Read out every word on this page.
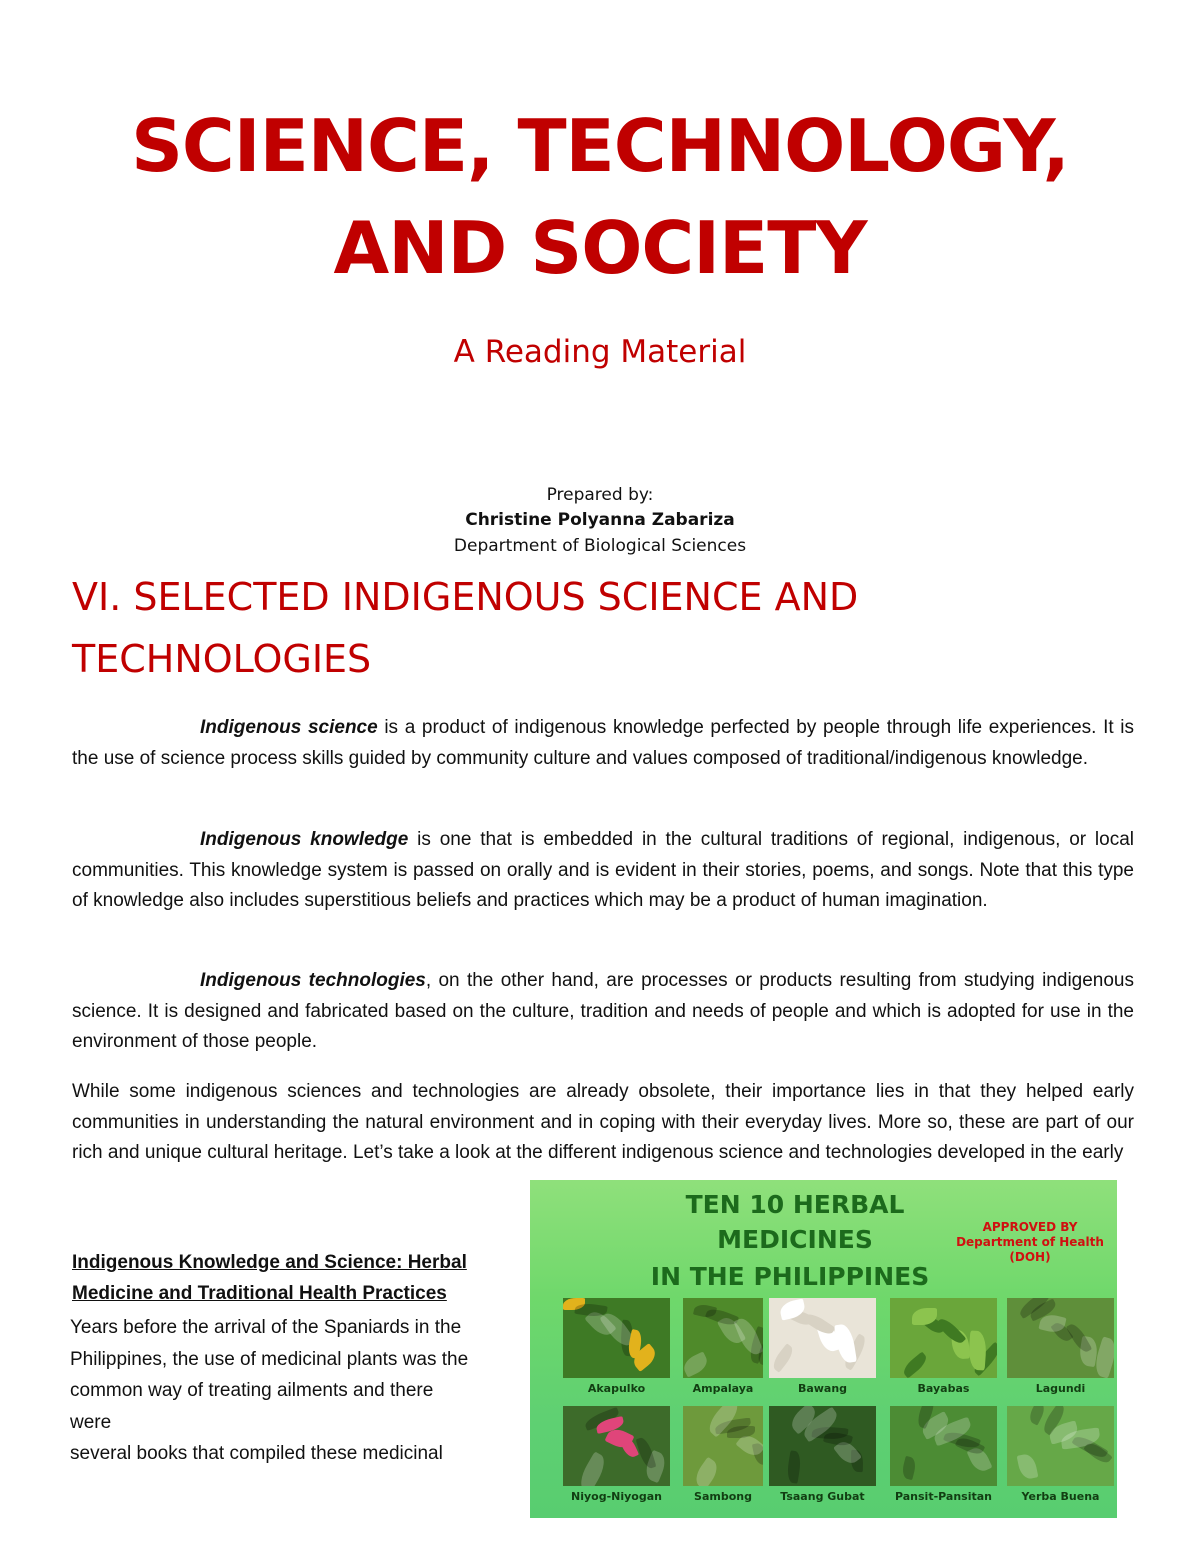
SCIENCE, TECHNOLOGY,
AND SOCIETY
A Reading Material
Prepared by:
Christine Polyanna Zabariza
Department of Biological Sciences
VI. SELECTED INDIGENOUS SCIENCE AND
TECHNOLOGIES
Indigenous science is a product of indigenous knowledge perfected by people through life experiences. It is the use of science process skills guided by community culture and values composed of traditional/indigenous knowledge.
Indigenous knowledge is one that is embedded in the cultural traditions of regional, indigenous, or local communities. This knowledge system is passed on orally and is evident in their stories, poems, and songs. Note that this type of knowledge also includes superstitious beliefs and practices which may be a product of human imagination.
Indigenous technologies, on the other hand, are processes or products resulting from studying indigenous science. It is designed and fabricated based on the culture, tradition and needs of people and which is adopted for use in the environment of those people.
While some indigenous sciences and technologies are already obsolete, their importance lies in that they helped early communities in understanding the natural environment and in coping with their everyday lives. More so, these are part of our rich and unique cultural heritage. Let’s take a look at the different indigenous science and technologies developed in the early
Indigenous Knowledge and Science: Herbal
Medicine and Traditional Health Practices
Years before the arrival of the Spaniards in the
Philippines, the use of medicinal plants was the
common way of treating ailments and there
were
several books that compiled these medicinal
TEN 10 HERBAL
MEDICINES
IN THE PHILIPPINES
APPROVED BY
Department of Health
(DOH)
Akapulko	Ampalaya	Bawang	Bayabas	Lagundi
Niyog-Niyogan	Sambong	Tsaang Gubat	Pansit-Pansitan	Yerba Buena
